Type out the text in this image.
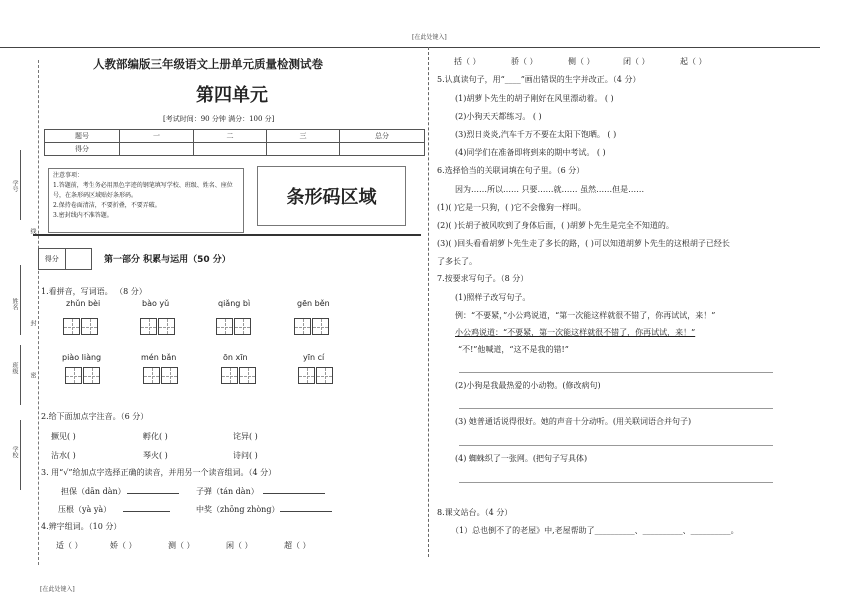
[在此处键入]
[在此处键入]
学号
线
姓名
封
班级
密
学校
人教部编版三年级语文上册单元质量检测试卷
第四单元
[考试时间：90 分钟 满分：100 分]
题号	一	二	三	总分
得分				
注意事项：
1.答题前，考生务必用黑色字迹的钢笔填写学校、班级、姓名、座位号，在条形码区域贴好条形码。
2.保持卷面清洁，不要折叠，不要弄破。
3.密封线内不准答题。
条形码区域
得分	第一部分 积累与运用（50 分）
1.看拼音，写词语。 （8 分）
zhǔn bèi	bào yǔ	qiǎng bì	gēn běn
piào liàng	mén bǎn	ōn xīn	yīn cí
2.给下面加点字注音。（6 分）
撅见( )	孵化( )	诧异( )
沾水( )	琴火( )	诗问( )
3. 用“√”给加点字选择正确的读音，并用另一个读音组词。（4 分）
担保（dān dàn）	子弹（tán dàn）
压根（yà yà）	中奖（zhōng zhòng）
4.辨字组词。（10 分）
适（ ）	娇（ ）	测（ ）	闲（ ）	超（ ）
括（ ）	骄（ ）	侧（ ）	闭（ ）	起（ ）
5.认真读句子，用“____”画出错误的生字并改正。（4 分）
(1)胡萝卜先生的胡子刚好在风里漂动着。 ( )
(2)小狗天天都练习。 ( )
(3)烈日炎炎,汽车千万不要在太阳下饱晒。 ( )
(4)同学们在准备即将到来的期中考试。 ( )
6.选择恰当的关联词填在句子里。（6 分）
因为……所以…… 只要……就…… 虽然……但是……
(1)( )它是一只狗，( )它不会像狗一样叫。
(2)( )长胡子被风吹到了身体后面，( )胡萝卜先生是完全不知道的。
(3)( )回头看看胡萝卜先生走了多长的路，( )可以知道胡萝卜先生的这根胡子已经长
了多长了。
7.按要求写句子。（8 分）
(1)照样子改写句子。
例：“不要紧，”小公鸡说道，“第一次能这样就很不错了，你再试试，来！”
小公鸡说道：“不要紧，第一次能这样就很不错了，你再试试，来！”
“不!”他喊道，“这不是我的错!”
(2)小狗是我最热爱的小动物。(修改病句)
(3) 她普通话说得很好。她的声音十分动听。(用关联词语合并句子)
(4) 蜘蛛织了一张网。(把句子写具体)
8.课文站台。（4 分）
（1）总也倒不了的老屋》中,老屋帮助了__________、__________、__________。
